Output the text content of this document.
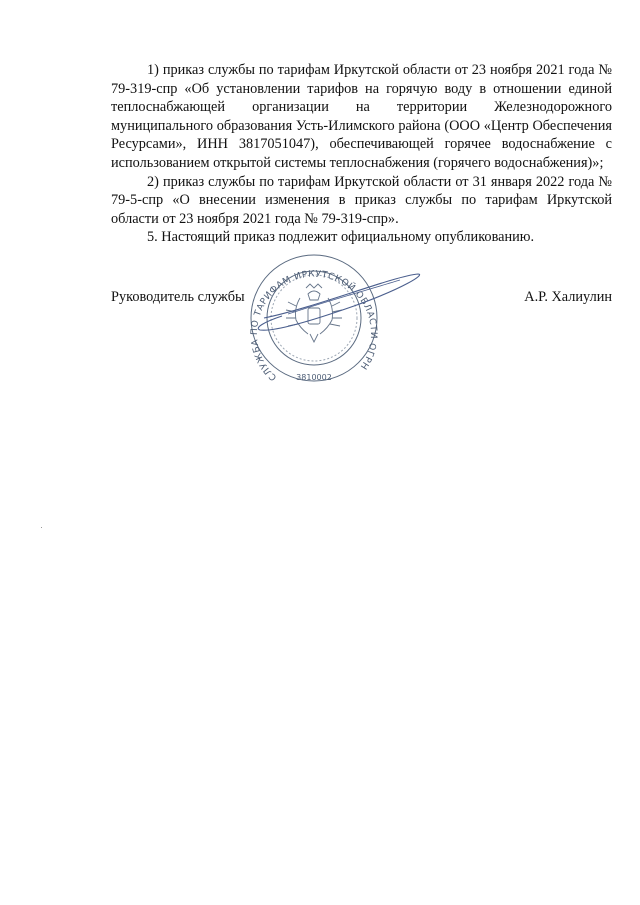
1) приказ службы по тарифам Иркутской области от 23 ноября 2021 года № 79-319-спр «Об установлении тарифов на горячую воду в отношении единой теплоснабжающей организации на территории Железнодорожного муниципального образования Усть-Илимского района (ООО «Центр Обеспечения Ресурсами», ИНН 3817051047), обеспечивающей горячее водоснабжение с использованием открытой системы теплоснабжения (горячего водоснабжения)»;

2) приказ службы по тарифам Иркутской области от 31 января 2022 года № 79-5-спр «О внесении изменения в приказ службы по тарифам Иркутской области от 23 ноября 2021 года № 79-319-спр».

5. Настоящий приказ подлежит официальному опубликованию.

СЛУЖБА ПО ТАРИФАМ ИРКУТСКОЙ ОБЛАСТИ ОГРН
3810002
Руководитель службы	А.Р. Халиулин
